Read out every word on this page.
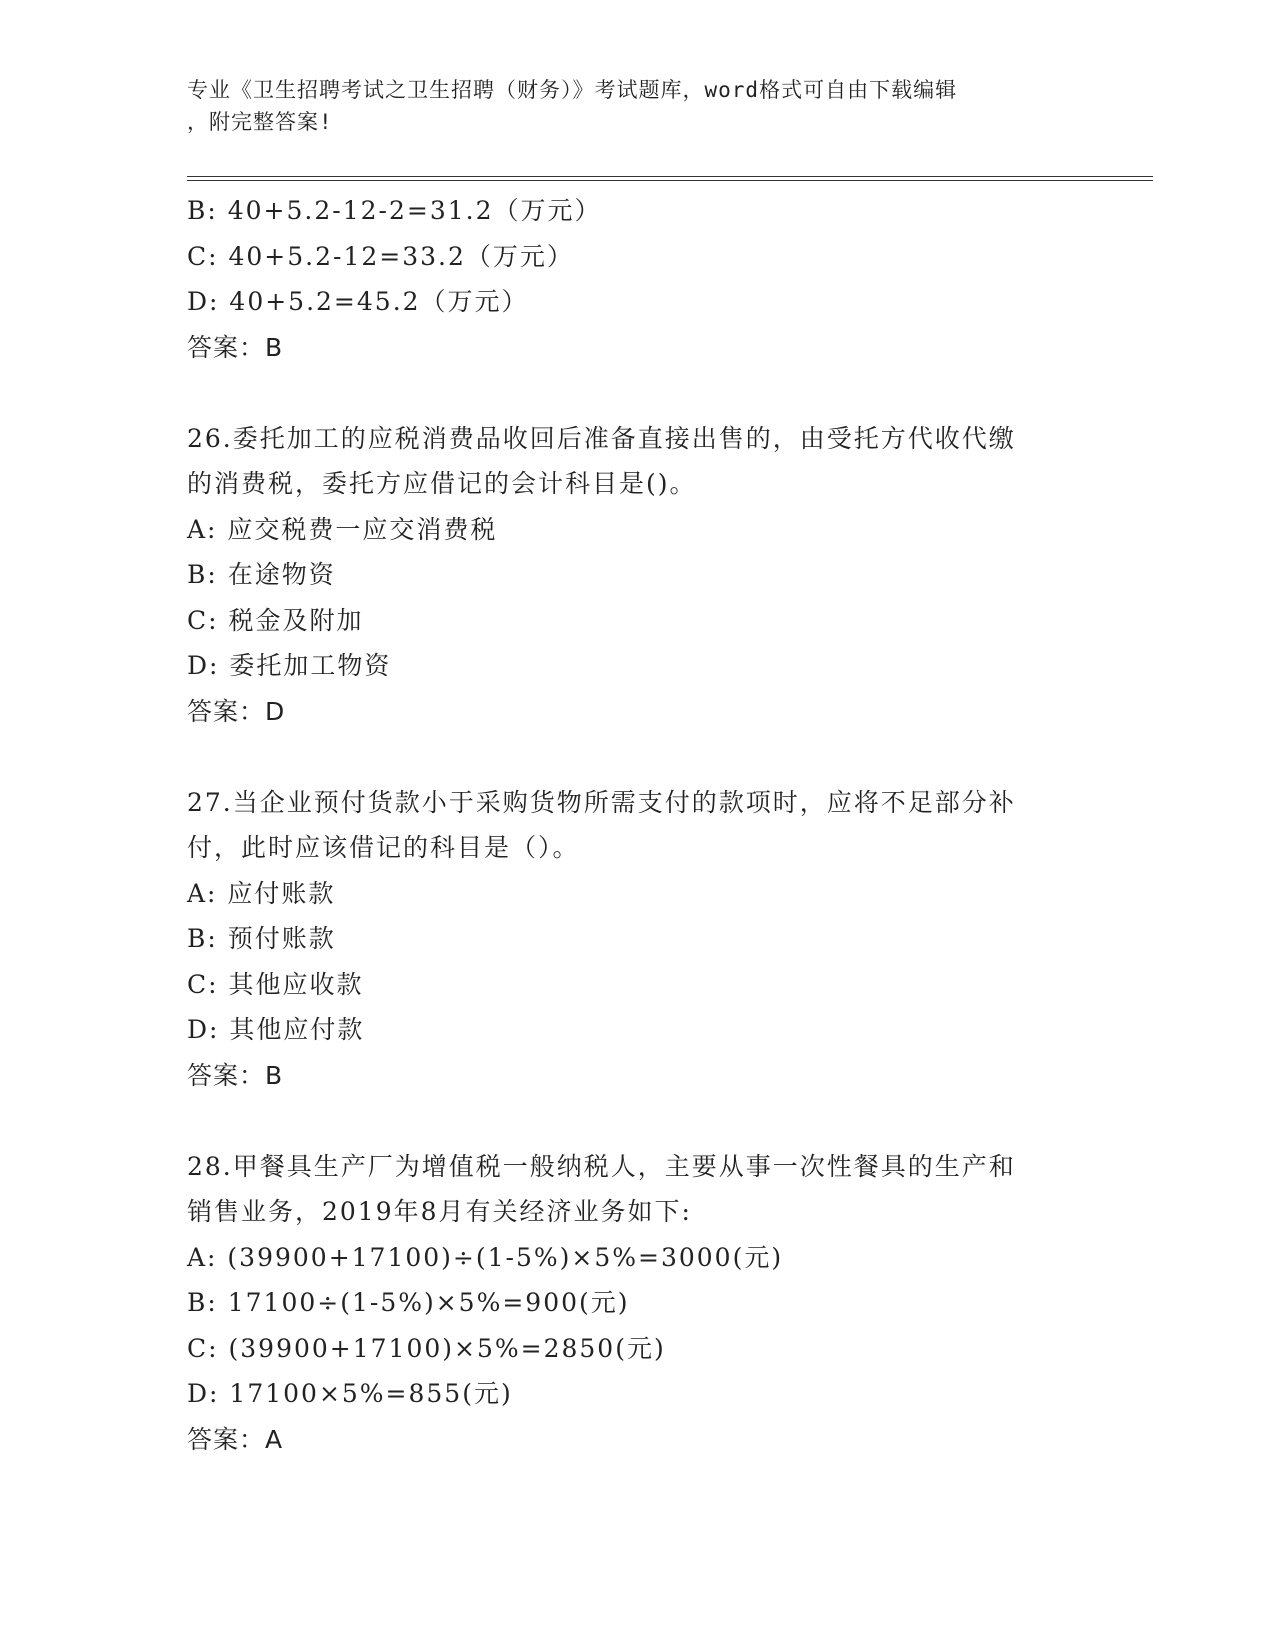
专业《卫生招聘考试之卫生招聘（财务）》考试题库，word格式可自由下载编辑
，附完整答案!
B: 40+5.2-12-2=31.2（万元）
C: 40+5.2-12=33.2（万元）
D: 40+5.2=45.2（万元）
答案：B
26.委托加工的应税消费品收回后准备直接出售的，由受托方代收代缴
的消费税，委托方应借记的会计科目是()。
A: 应交税费一应交消费税
B: 在途物资
C: 税金及附加
D: 委托加工物资
答案：D
27.当企业预付货款小于采购货物所需支付的款项时，应将不足部分补
付，此时应该借记的科目是（）。
A: 应付账款
B: 预付账款
C: 其他应收款
D: 其他应付款
答案：B
28.甲餐具生产厂为增值税一般纳税人，主要从事一次性餐具的生产和
销售业务，2019年8月有关经济业务如下:
A: (39900+17100)÷(1-5%)×5%=3000(元)
B: 17100÷(1-5%)×5%=900(元)
C: (39900+17100)×5%=2850(元)
D: 17100×5%=855(元)
答案：A
